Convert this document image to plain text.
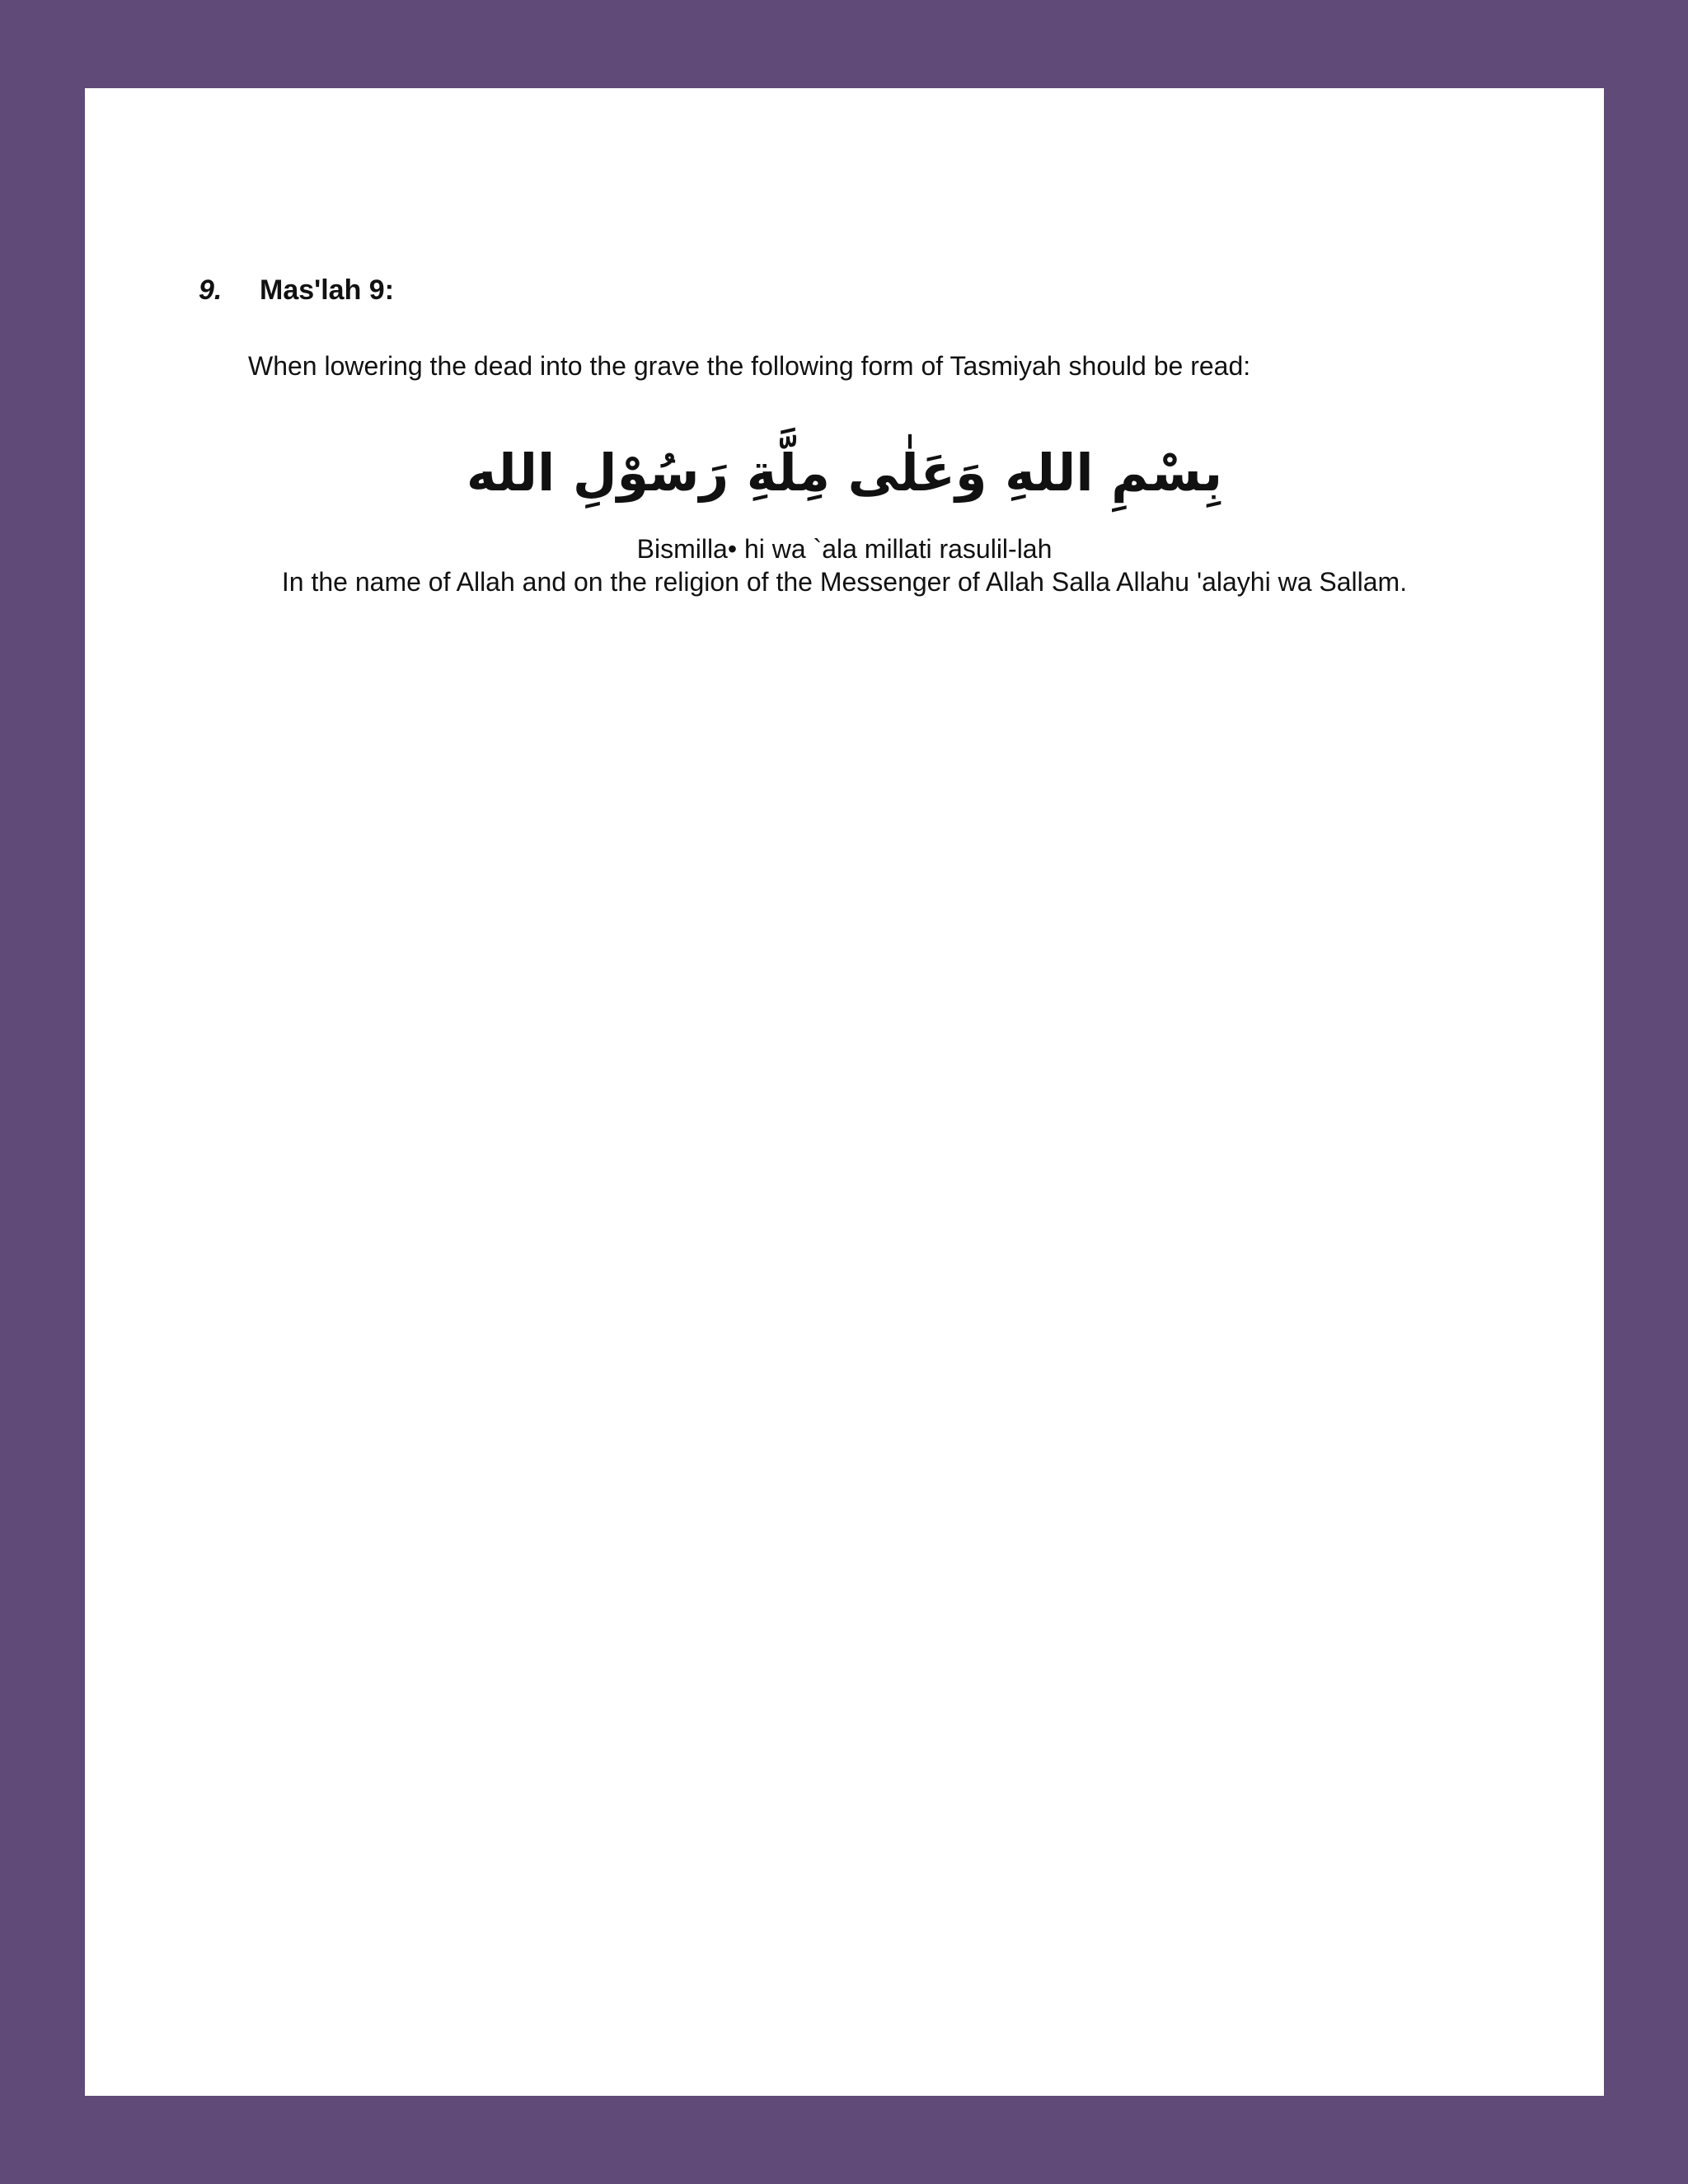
9. Mas'lah 9:
When lowering the dead into the grave the following form of Tasmiyah should be read:
بِسْمِ اللهِ وَعَلٰى مِلَّةِ رَسُوْلِ الله
Bismilla• hi wa `ala millati rasulil-lah
In the name of Allah and on the religion of the Messenger of Allah Salla Allahu 'alayhi wa Sallam.
